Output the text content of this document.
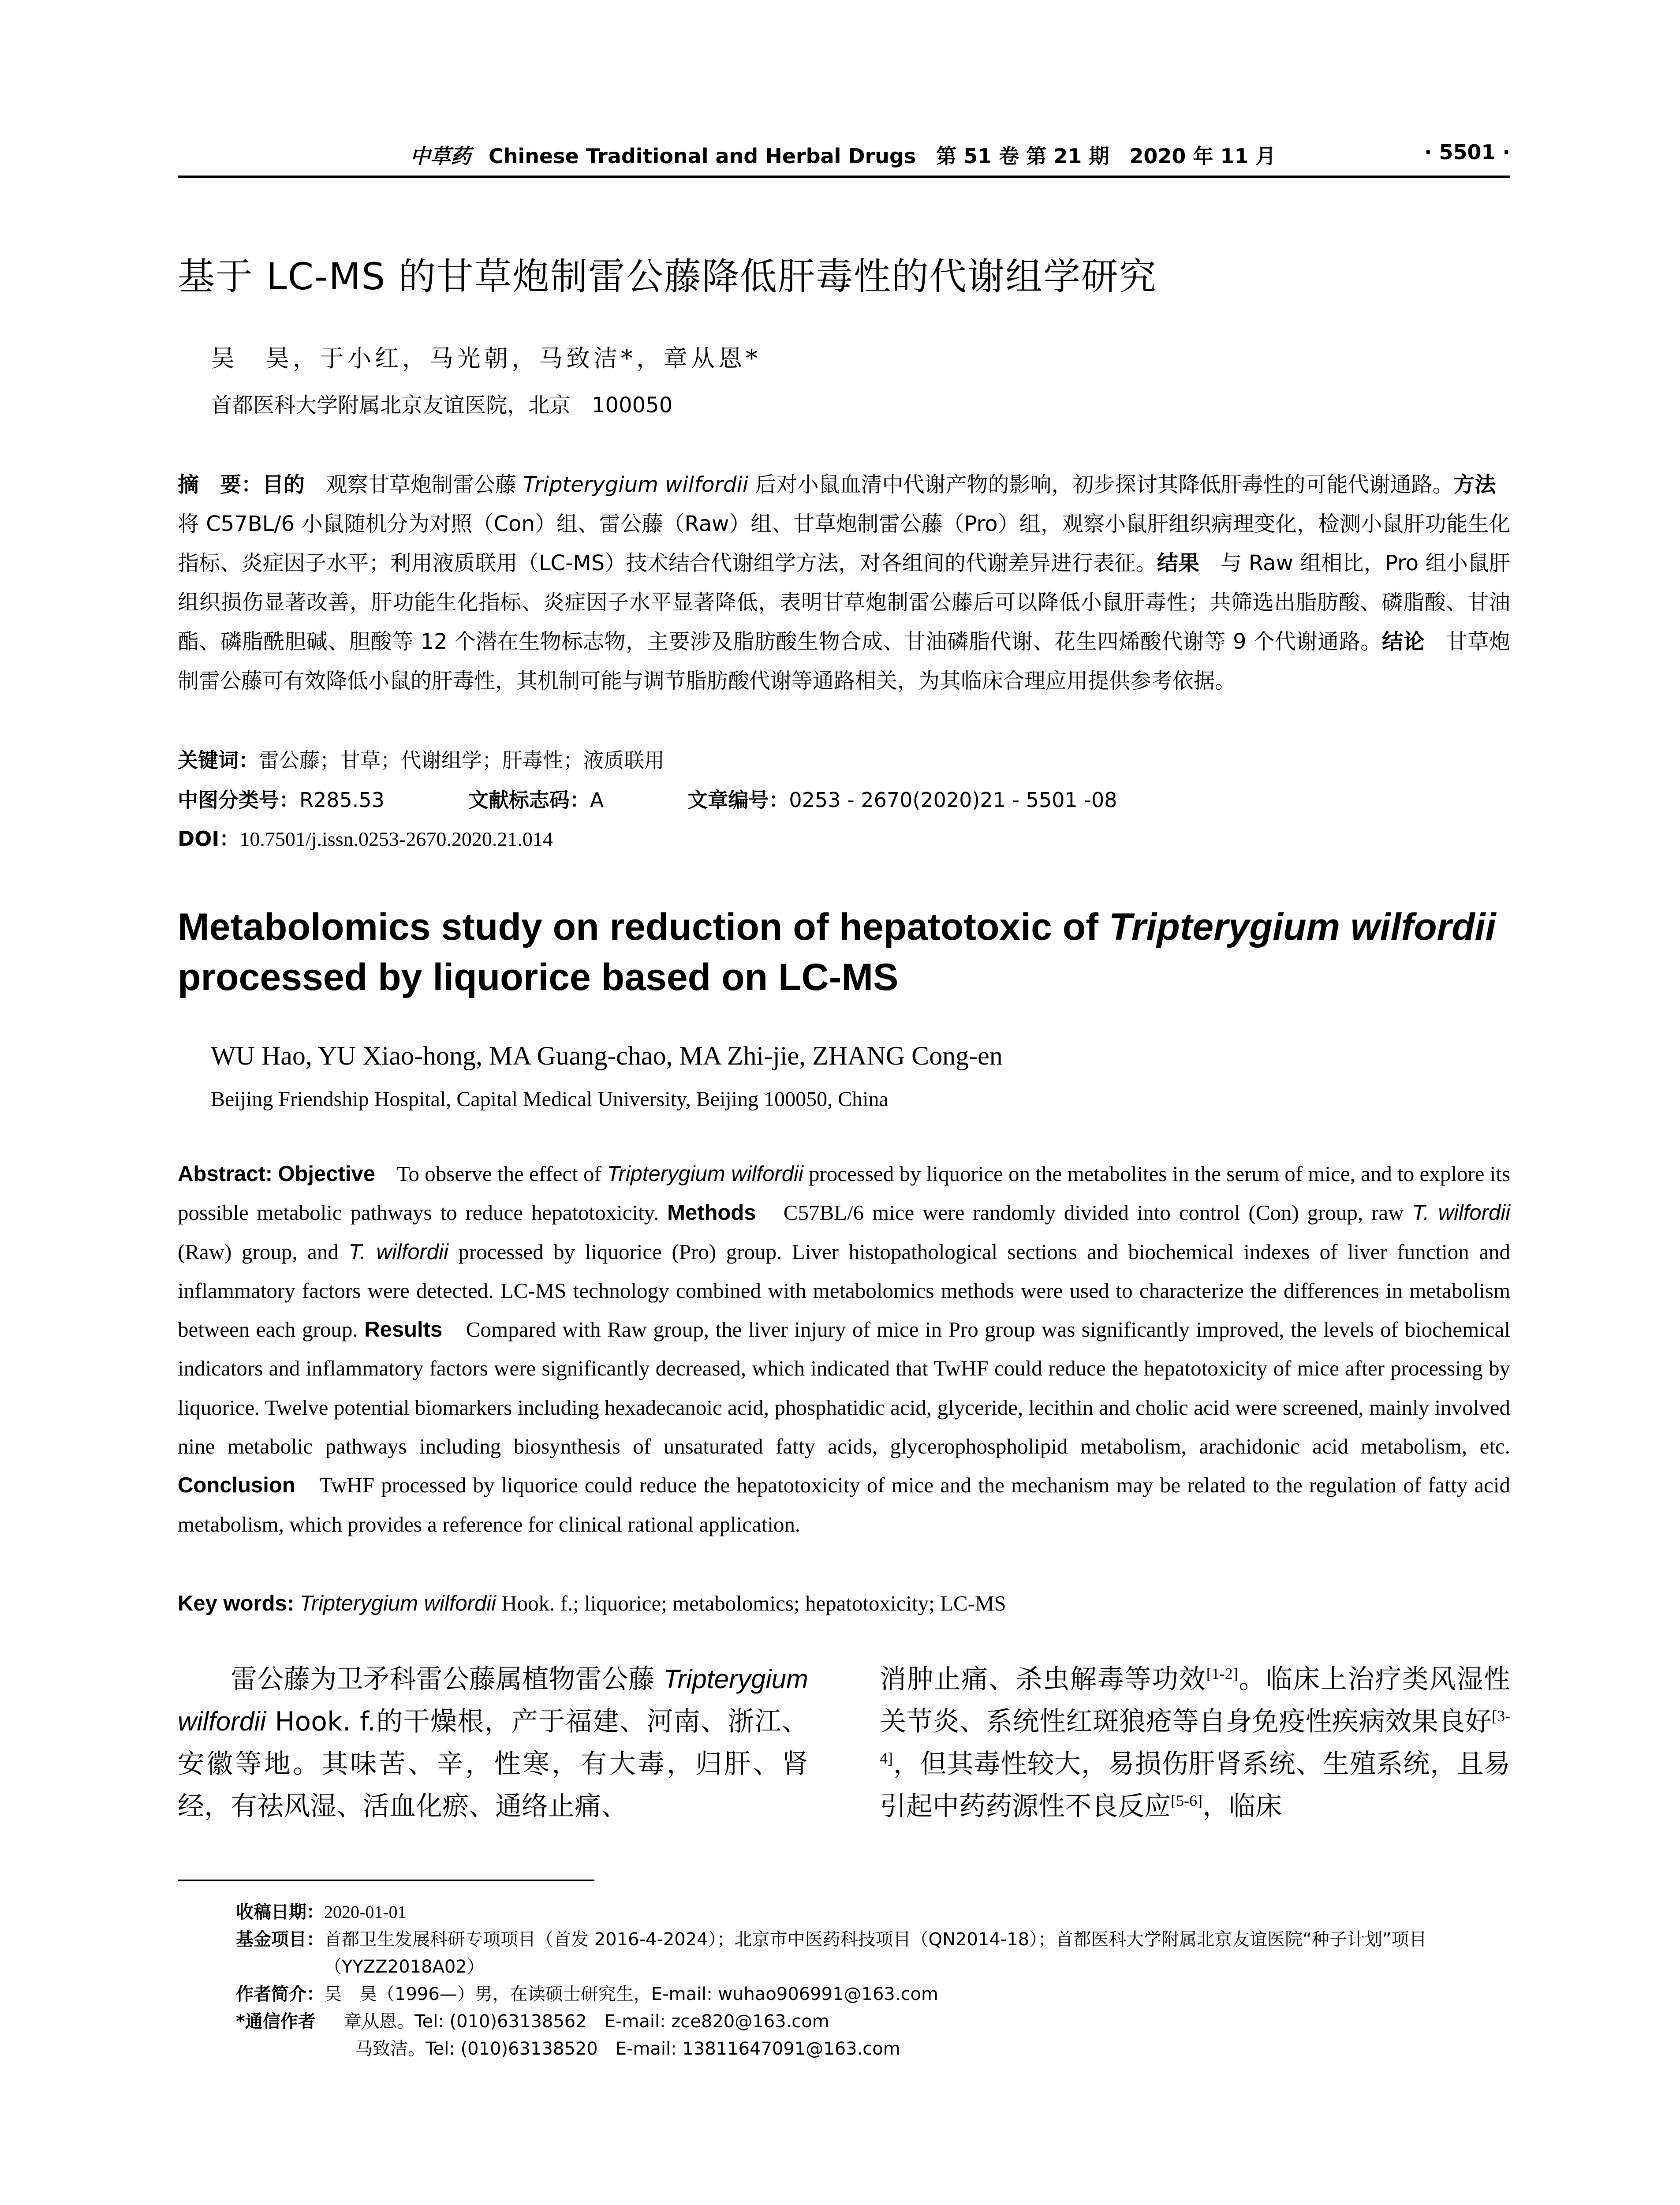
中草药 Chinese Traditional and Herbal Drugs　第 51 卷 第 21 期　2020 年 11 月	· 5501 ·
基于 LC-MS 的甘草炮制雷公藤降低肝毒性的代谢组学研究
吴　昊，于小红，马光朝，马致洁*，章从恩*
首都医科大学附属北京友谊医院，北京　100050
摘　要：目的　观察甘草炮制雷公藤 Tripterygium wilfordii 后对小鼠血清中代谢产物的影响，初步探讨其降低肝毒性的可能代谢通路。方法　将 C57BL/6 小鼠随机分为对照（Con）组、雷公藤（Raw）组、甘草炮制雷公藤（Pro）组，观察小鼠肝组织病理变化，检测小鼠肝功能生化指标、炎症因子水平；利用液质联用（LC-MS）技术结合代谢组学方法，对各组间的代谢差异进行表征。结果　与 Raw 组相比，Pro 组小鼠肝组织损伤显著改善，肝功能生化指标、炎症因子水平显著降低，表明甘草炮制雷公藤后可以降低小鼠肝毒性；共筛选出脂肪酸、磷脂酸、甘油酯、磷脂酰胆碱、胆酸等 12 个潜在生物标志物，主要涉及脂肪酸生物合成、甘油磷脂代谢、花生四烯酸代谢等 9 个代谢通路。结论　甘草炮制雷公藤可有效降低小鼠的肝毒性，其机制可能与调节脂肪酸代谢等通路相关，为其临床合理应用提供参考依据。
关键词：雷公藤；甘草；代谢组学；肝毒性；液质联用
中图分类号：R285.53	文献标志码：A	文章编号：0253 - 2670(2020)21 - 5501 -08
DOI：10.7501/j.issn.0253-2670.2020.21.014
Metabolomics study on reduction of hepatotoxic of Tripterygium wilfordii processed by liquorice based on LC-MS
WU Hao, YU Xiao-hong, MA Guang-chao, MA Zhi-jie, ZHANG Cong-en
Beijing Friendship Hospital, Capital Medical University, Beijing 100050, China
Abstract: Objective　To observe the effect of Tripterygium wilfordii processed by liquorice on the metabolites in the serum of mice, and to explore its possible metabolic pathways to reduce hepatotoxicity. Methods　C57BL/6 mice were randomly divided into control (Con) group, raw T. wilfordii (Raw) group, and T. wilfordii processed by liquorice (Pro) group. Liver histopathological sections and biochemical indexes of liver function and inflammatory factors were detected. LC-MS technology combined with metabolomics methods were used to characterize the differences in metabolism between each group. Results　Compared with Raw group, the liver injury of mice in Pro group was significantly improved, the levels of biochemical indicators and inflammatory factors were significantly decreased, which indicated that TwHF could reduce the hepatotoxicity of mice after processing by liquorice. Twelve potential biomarkers including hexadecanoic acid, phosphatidic acid, glyceride, lecithin and cholic acid were screened, mainly involved nine metabolic pathways including biosynthesis of unsaturated fatty acids, glycerophospholipid metabolism, arachidonic acid metabolism, etc. Conclusion　TwHF processed by liquorice could reduce the hepatotoxicity of mice and the mechanism may be related to the regulation of fatty acid metabolism, which provides a reference for clinical rational application.
Key words: Tripterygium wilfordii Hook. f.; liquorice; metabolomics; hepatotoxicity; LC-MS
雷公藤为卫矛科雷公藤属植物雷公藤 Tripterygium wilfordii Hook. f.的干燥根，产于福建、河南、浙江、安徽等地。其味苦、辛，性寒，有大毒，归肝、肾经，有祛风湿、活血化瘀、通络止痛、
消肿止痛、杀虫解毒等功效[1-2]。临床上治疗类风湿性关节炎、系统性红斑狼疮等自身免疫性疾病效果良好[3-4]，但其毒性较大，易损伤肝肾系统、生殖系统，且易引起中药药源性不良反应[5-6]，临床
收稿日期： 2020-01-01
基金项目： 首都卫生发展科研专项项目（首发 2016-4-2024）；北京市中医药科技项目（QN2014-18）；首都医科大学附属北京友谊医院“种子计划”项目（YYZZ2018A02）
作者简介： 吴　昊（1996—）男，在读硕士研究生，E-mail: wuhao906991@163.com
*通信作者	章从恩。Tel: (010)63138562　E-mail: zce820@163.com
马致洁。Tel: (010)63138520　E-mail: 13811647091@163.com
